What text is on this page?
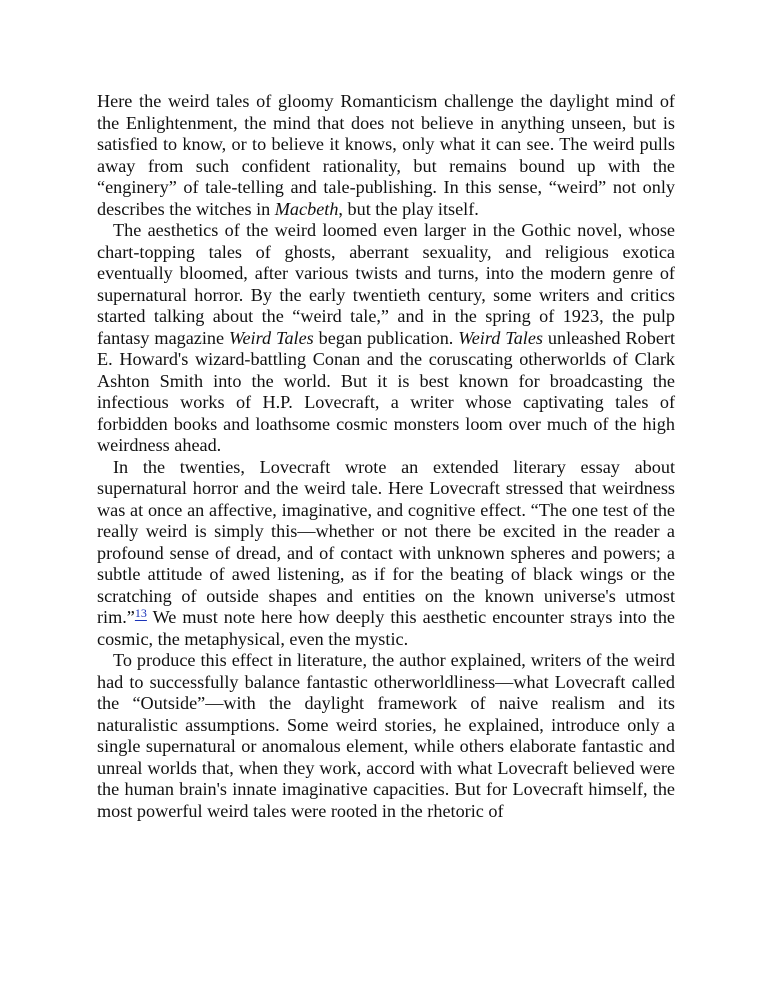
Here the weird tales of gloomy Romanticism challenge the daylight mind of the Enlightenment, the mind that does not believe in anything unseen, but is satisfied to know, or to believe it knows, only what it can see. The weird pulls away from such confident rationality, but remains bound up with the “enginery” of tale-telling and tale-publishing. In this sense, “weird” not only describes the witches in Macbeth, but the play itself.

The aesthetics of the weird loomed even larger in the Gothic novel, whose chart-topping tales of ghosts, aberrant sexuality, and religious exotica eventually bloomed, after various twists and turns, into the modern genre of supernatural horror. By the early twentieth century, some writers and critics started talking about the “weird tale,” and in the spring of 1923, the pulp fantasy magazine Weird Tales began publication. Weird Tales unleashed Robert E. Howard's wizard-battling Conan and the coruscating otherworlds of Clark Ashton Smith into the world. But it is best known for broadcasting the infectious works of H.P. Lovecraft, a writer whose captivating tales of forbidden books and loathsome cosmic monsters loom over much of the high weirdness ahead.

In the twenties, Lovecraft wrote an extended literary essay about supernatural horror and the weird tale. Here Lovecraft stressed that weirdness was at once an affective, imaginative, and cognitive effect. “The one test of the really weird is simply this—whether or not there be excited in the reader a profound sense of dread, and of contact with unknown spheres and powers; a subtle attitude of awed listening, as if for the beating of black wings or the scratching of outside shapes and entities on the known universe's utmost rim.”$^{13}$ We must note here how deeply this aesthetic encounter strays into the cosmic, the metaphysical, even the mystic.

To produce this effect in literature, the author explained, writers of the weird had to successfully balance fantastic otherworldliness—what Lovecraft called the “Outside”—with the daylight framework of naive realism and its naturalistic assumptions. Some weird stories, he explained, introduce only a single supernatural or anomalous element, while others elaborate fantastic and unreal worlds that, when they work, accord with what Lovecraft believed were the human brain's innate imaginative capacities. But for Lovecraft himself, the most powerful weird tales were rooted in the rhetoric of
